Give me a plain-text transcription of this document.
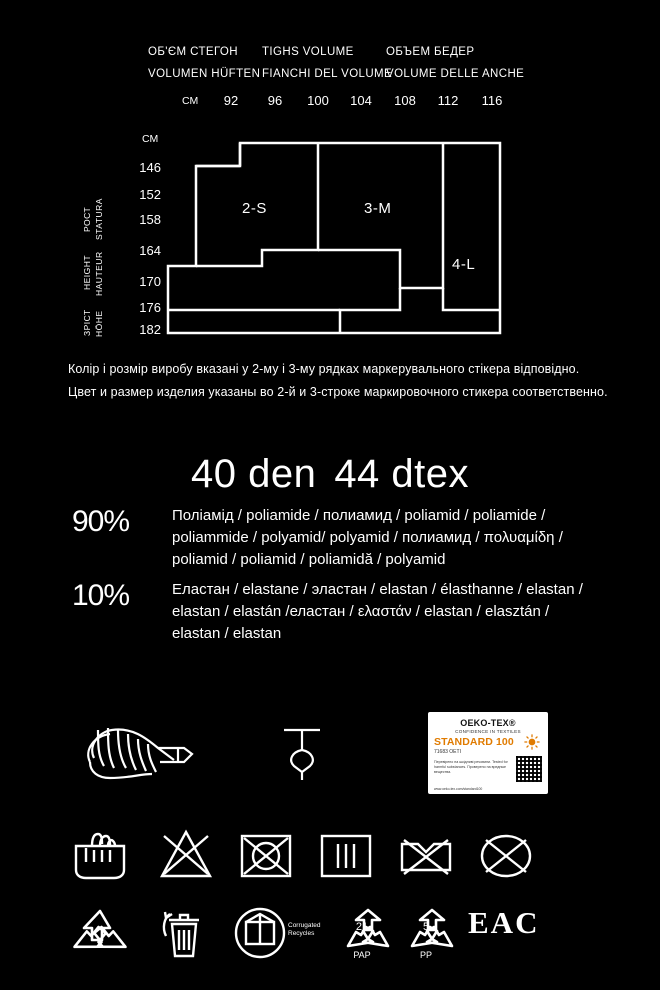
ОБ'ЄМ СТЕГОН
VOLUMEN HÜFTEN
TIGHS VOLUME
FIANCHI DEL VOLUME
ОБЪЕМ БЕДЕР
VOLUME DELLE ANCHE
СМ
СМ
92	96	100	104	108	112	116
146
152
158
164
170
176
182
РОСТ STATURA
HEIGHT HAUTEUR
ЗРІСТ HÖHE
2-S	3-M
4-L
Колір і розмір виробу вказані у 2-му і 3-му рядках маркерувального стікера відповідно.
Цвет и размер изделия указаны во 2-й и 3-строке маркировочного стикера соответственно.
40 den 44 dtex
90%	Поліамід / poliamide / полиамид / poliamid / poliamide / poliammide / polyamid/ polyamid / полиамид / πολυαμίδη / poliamid / poliamid / poliamidă / polyamid
10%	Еластан / elastane / эластан / elastan / élasthanne / elastan / elastan / elastán /еластан / ελαστάν / elastan / elasztán / elastan / elastan
OEKO-TEX®
CONFIDENCE IN TEXTILES
STANDARD 100
71683 OETI
Перевірено на шкідливі речовини. Tested for harmful substances. Проверено на вредные вещества.
www.oeko-tex.com/standard100
Corrugated
Recycles
21
PAP
5
PP
EAC
